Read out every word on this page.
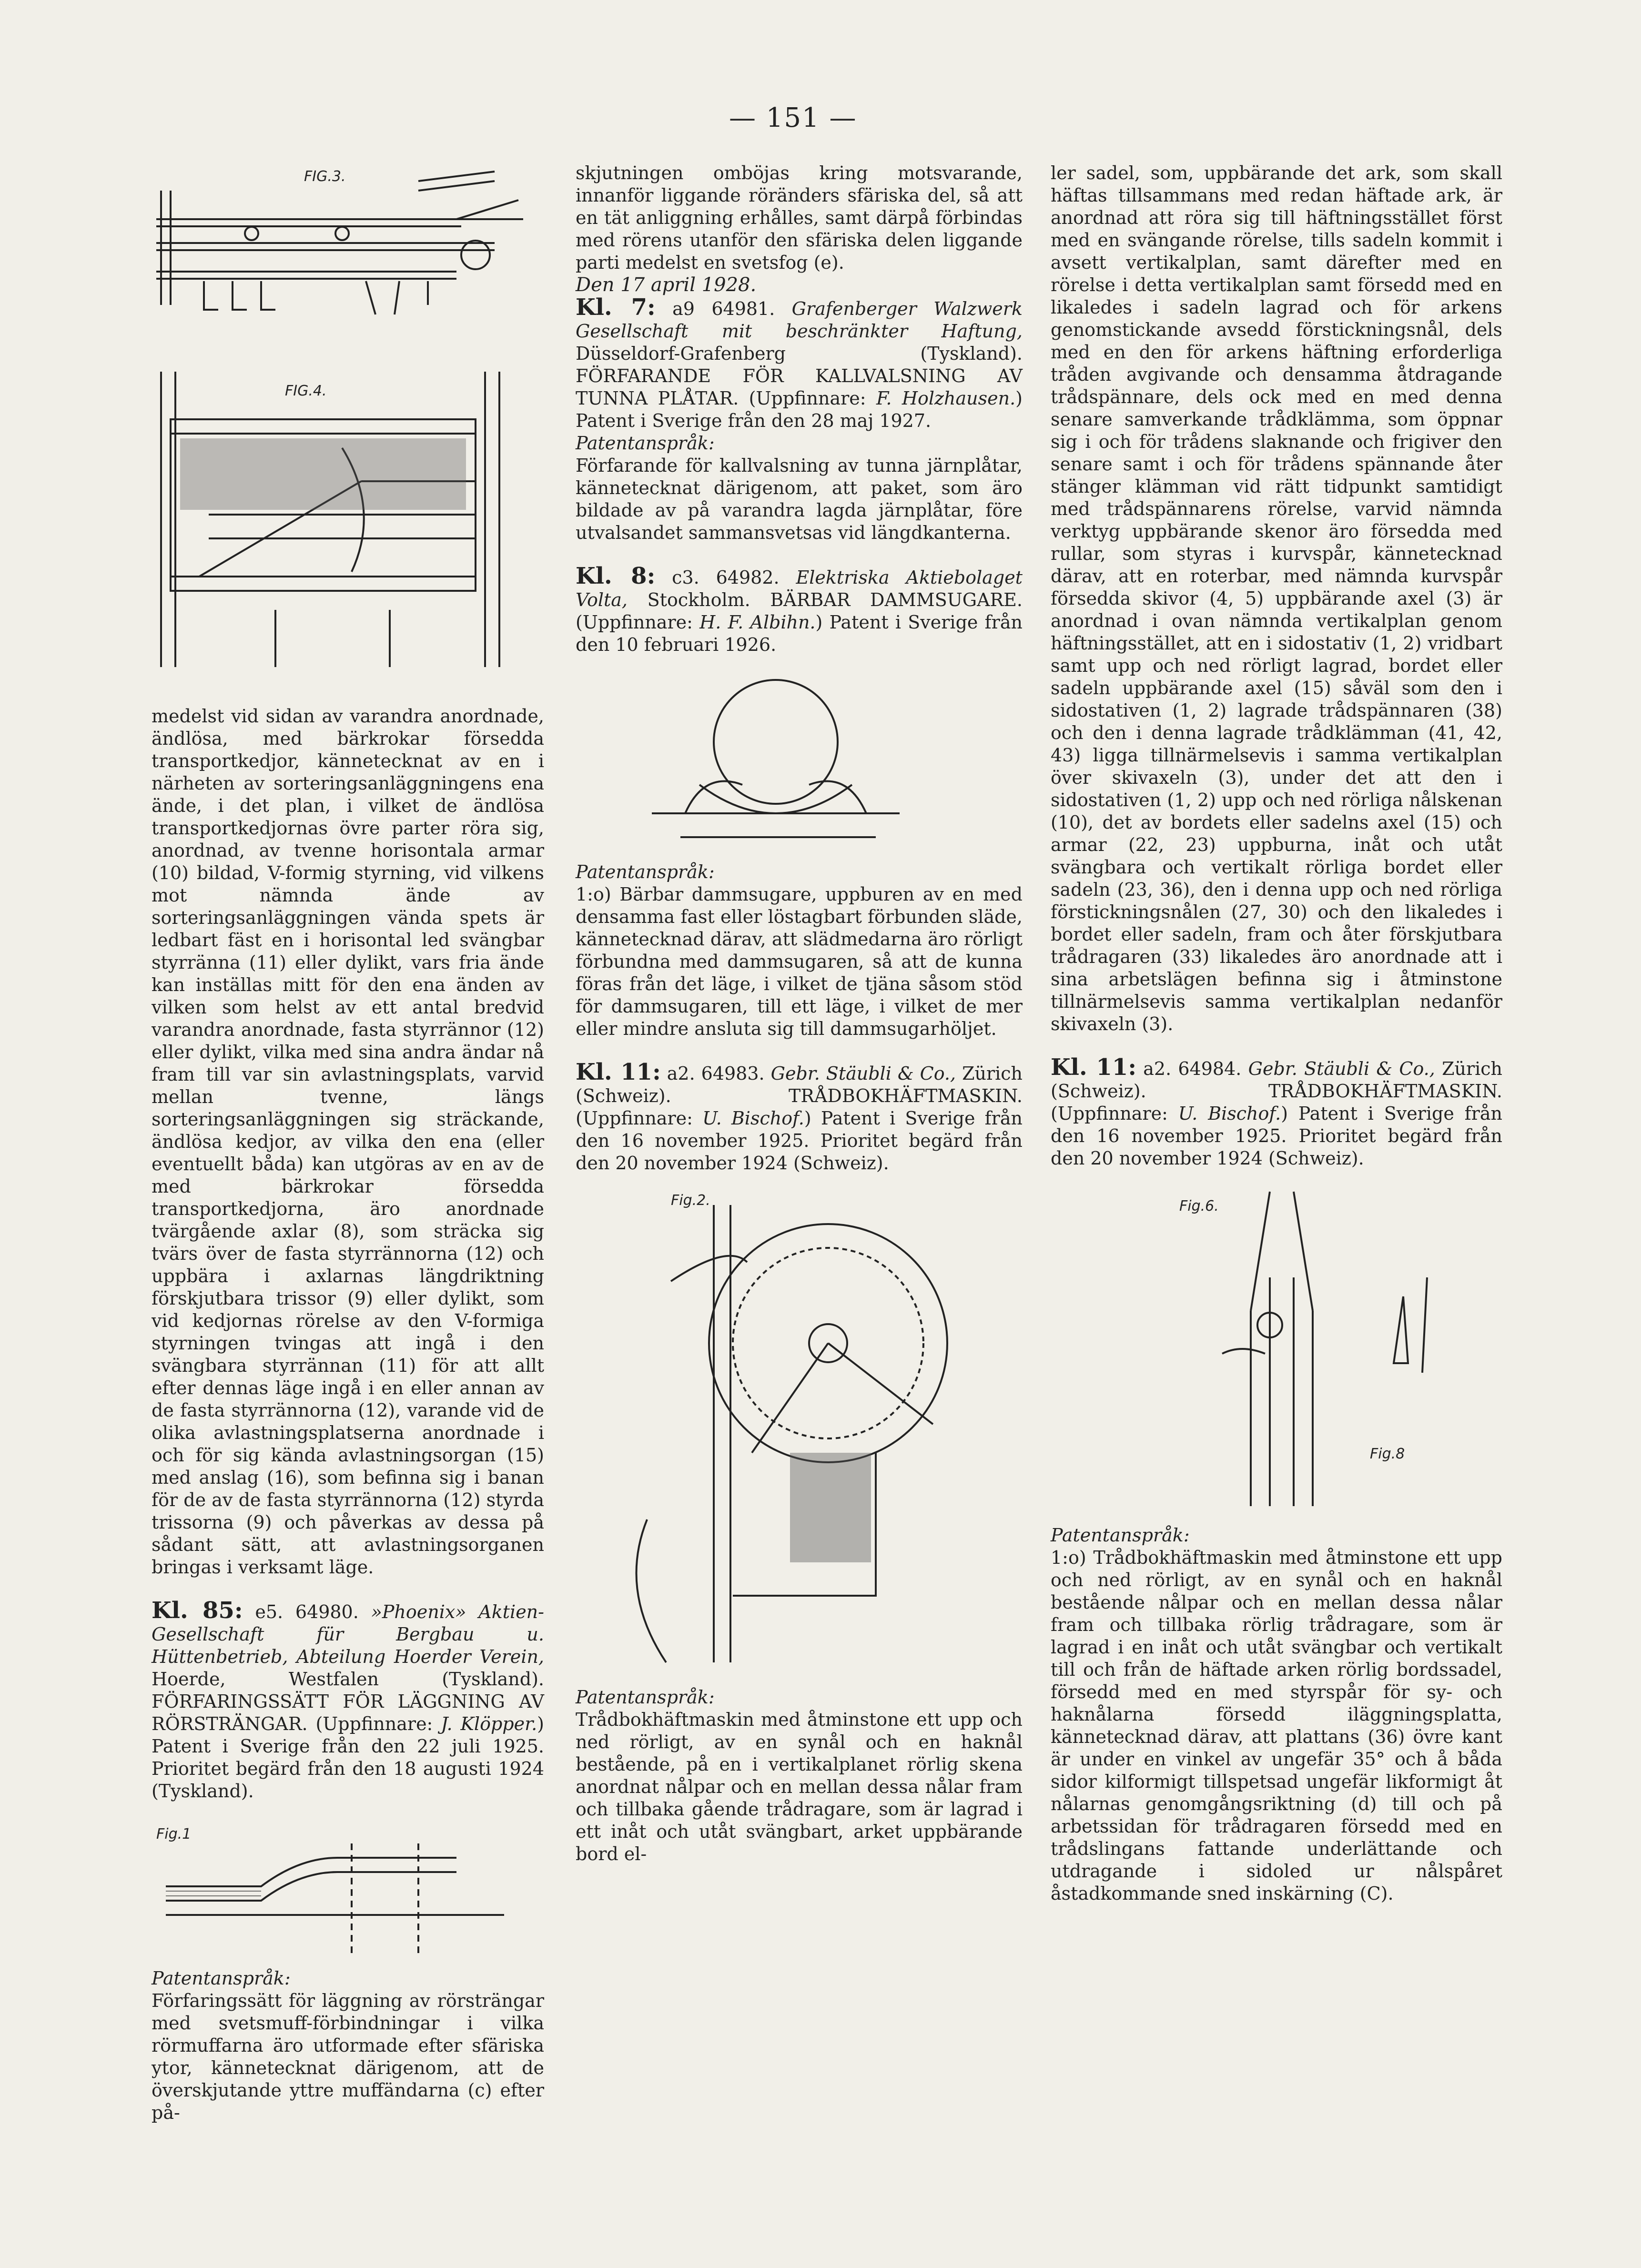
— 151 —
FIG.3.
FIG.4.

medelst vid sidan av varandra anordnade, ändlösa, med bärkrokar försedda transportkedjor, kännetecknat av en i närheten av sorteringsanläggningens ena ände, i det plan, i vilket de ändlösa transportkedjornas övre parter röra sig, anordnad, av tvenne horisontala armar (10) bildad, V-formig styrning, vid vilkens mot nämnda ände av sorteringsanläggningen vända spets är ledbart fäst en i horisontal led svängbar styrränna (11) eller dylikt, vars fria ände kan inställas mitt för den ena änden av vilken som helst av ett antal bredvid varandra anordnade, fasta styrrännor (12) eller dylikt, vilka med sina andra ändar nå fram till var sin avlastningsplats, varvid mellan tvenne, längs sorteringsanläggningen sig sträckande, ändlösa kedjor, av vilka den ena (eller eventuellt båda) kan utgöras av en av de med bärkrokar försedda transportkedjorna, äro anordnade tvärgående axlar (8), som sträcka sig tvärs över de fasta styrrännorna (12) och uppbära i axlarnas längdriktning förskjutbara trissor (9) eller dylikt, som vid kedjornas rörelse av den V-formiga styrningen tvingas att ingå i den svängbara styrrännan (11) för att allt efter dennas läge ingå i en eller annan av de fasta styrrännorna (12), varande vid de olika avlastningsplatserna anordnade i och för sig kända avlastningsorgan (15) med anslag (16), som befinna sig i banan för de av de fasta styrrännorna (12) styrda trissorna (9) och påverkas av dessa på sådant sätt, att avlastningsorganen bringas i verksamt läge.

Kl. 85: e5. 64980. »Phoenix» Aktien-Gesellschaft für Bergbau u. Hüttenbetrieb, Abteilung Hoerder Verein, Hoerde, Westfalen (Tyskland). FÖRFARINGSSÄTT FÖR LÄGGNING AV RÖRSTRÄNGAR. (Uppfinnare: J. Klöpper.) Patent i Sverige från den 22 juli 1925. Prioritet begärd från den 18 augusti 1924 (Tyskland).

Fig.1

Patentanspråk:

Förfaringssätt för läggning av rörsträngar med svetsmuff-förbindningar i vilka rörmuffarna äro utformade efter sfäriska ytor, kännetecknat därigenom, att de överskjutande yttre muffändarna (c) efter på-

skjutningen omböjas kring motsvarande, innanför liggande röränders sfäriska del, så att en tät anliggning erhålles, samt därpå förbindas med rörens utanför den sfäriska delen liggande parti medelst en svetsfog (e).

Den 17 april 1928.

Kl. 7: a9 64981. Grafenberger Walzwerk Gesellschaft mit beschränkter Haftung, Düsseldorf-Grafenberg (Tyskland). FÖRFARANDE FÖR KALLVALSNING AV TUNNA PLÅTAR. (Uppfinnare: F. Holzhausen.) Patent i Sverige från den 28 maj 1927.

Patentanspråk:

Förfarande för kallvalsning av tunna järnplåtar, kännetecknat därigenom, att paket, som äro bildade av på varandra lagda järnplåtar, före utvalsandet sammansvetsas vid längdkanterna.

Kl. 8: c3. 64982. Elektriska Aktiebolaget Volta, Stockholm. BÄRBAR DAMMSUGARE. (Uppfinnare: H. F. Albihn.) Patent i Sverige från den 10 februari 1926.

Patentanspråk:

1:o) Bärbar dammsugare, uppburen av en med densamma fast eller löstagbart förbunden släde, kännetecknad därav, att slädmedarna äro rörligt förbundna med dammsugaren, så att de kunna föras från det läge, i vilket de tjäna såsom stöd för dammsugaren, till ett läge, i vilket de mer eller mindre ansluta sig till dammsugarhöljet.

Kl. 11: a2. 64983. Gebr. Stäubli & Co., Zürich (Schweiz). TRÅDBOKHÄFTMASKIN. (Uppfinnare: U. Bischof.) Patent i Sverige från den 16 november 1925. Prioritet begärd från den 20 november 1924 (Schweiz).

Fig.2.

Patentanspråk:

Trådbokhäftmaskin med åtminstone ett upp och ned rörligt, av en synål och en haknål bestående, på en i vertikalplanet rörlig skena anordnat nålpar och en mellan dessa nålar fram och tillbaka gående trådragare, som är lagrad i ett inåt och utåt svängbart, arket uppbärande bord el-

ler sadel, som, uppbärande det ark, som skall häftas tillsammans med redan häftade ark, är anordnad att röra sig till häftningsstället först med en svängande rörelse, tills sadeln kommit i avsett vertikalplan, samt därefter med en rörelse i detta vertikalplan samt försedd med en likaledes i sadeln lagrad och för arkens genomstickande avsedd förstickningsnål, dels med en den för arkens häftning erforderliga tråden avgivande och densamma åtdragande trådspännare, dels ock med en med denna senare samverkande trådklämma, som öppnar sig i och för trådens slaknande och frigiver den senare samt i och för trådens spännande åter stänger klämman vid rätt tidpunkt samtidigt med trådspännarens rörelse, varvid nämnda verktyg uppbärande skenor äro försedda med rullar, som styras i kurvspår, kännetecknad därav, att en roterbar, med nämnda kurvspår försedda skivor (4, 5) uppbärande axel (3) är anordnad i ovan nämnda vertikalplan genom häftningsstället, att en i sidostativ (1, 2) vridbart samt upp och ned rörligt lagrad, bordet eller sadeln uppbärande axel (15) såväl som den i sidostativen (1, 2) lagrade trådspännaren (38) och den i denna lagrade trådklämman (41, 42, 43) ligga tillnärmelsevis i samma vertikalplan över skivaxeln (3), under det att den i sidostativen (1, 2) upp och ned rörliga nålskenan (10), det av bordets eller sadelns axel (15) och armar (22, 23) uppburna, inåt och utåt svängbara och vertikalt rörliga bordet eller sadeln (23, 36), den i denna upp och ned rörliga förstickningsnålen (27, 30) och den likaledes i bordet eller sadeln, fram och åter förskjutbara trådragaren (33) likaledes äro anordnade att i sina arbetslägen befinna sig i åtminstone tillnärmelsevis samma vertikalplan nedanför skivaxeln (3).

Kl. 11: a2. 64984. Gebr. Stäubli & Co., Zürich (Schweiz). TRÅDBOKHÄFTMASKIN. (Uppfinnare: U. Bischof.) Patent i Sverige från den 16 november 1925. Prioritet begärd från den 20 november 1924 (Schweiz).

Fig.6.
Fig.8

Patentanspråk:

1:o) Trådbokhäftmaskin med åtminstone ett upp och ned rörligt, av en synål och en haknål bestående nålpar och en mellan dessa nålar fram och tillbaka rörlig trådragare, som är lagrad i en inåt och utåt svängbar och vertikalt till och från de häftade arken rörlig bordssadel, försedd med en med styrspår för sy- och haknålarna försedd iläggningsplatta, kännetecknad därav, att plattans (36) övre kant är under en vinkel av ungefär 35° och å båda sidor kilformigt tillspetsad ungefär likformigt åt nålarnas genomgångsriktning (d) till och på arbetssidan för trådragaren försedd med en trådslingans fattande underlättande och utdragande i sidoled ur nålspåret åstadkommande sned inskärning (C).
